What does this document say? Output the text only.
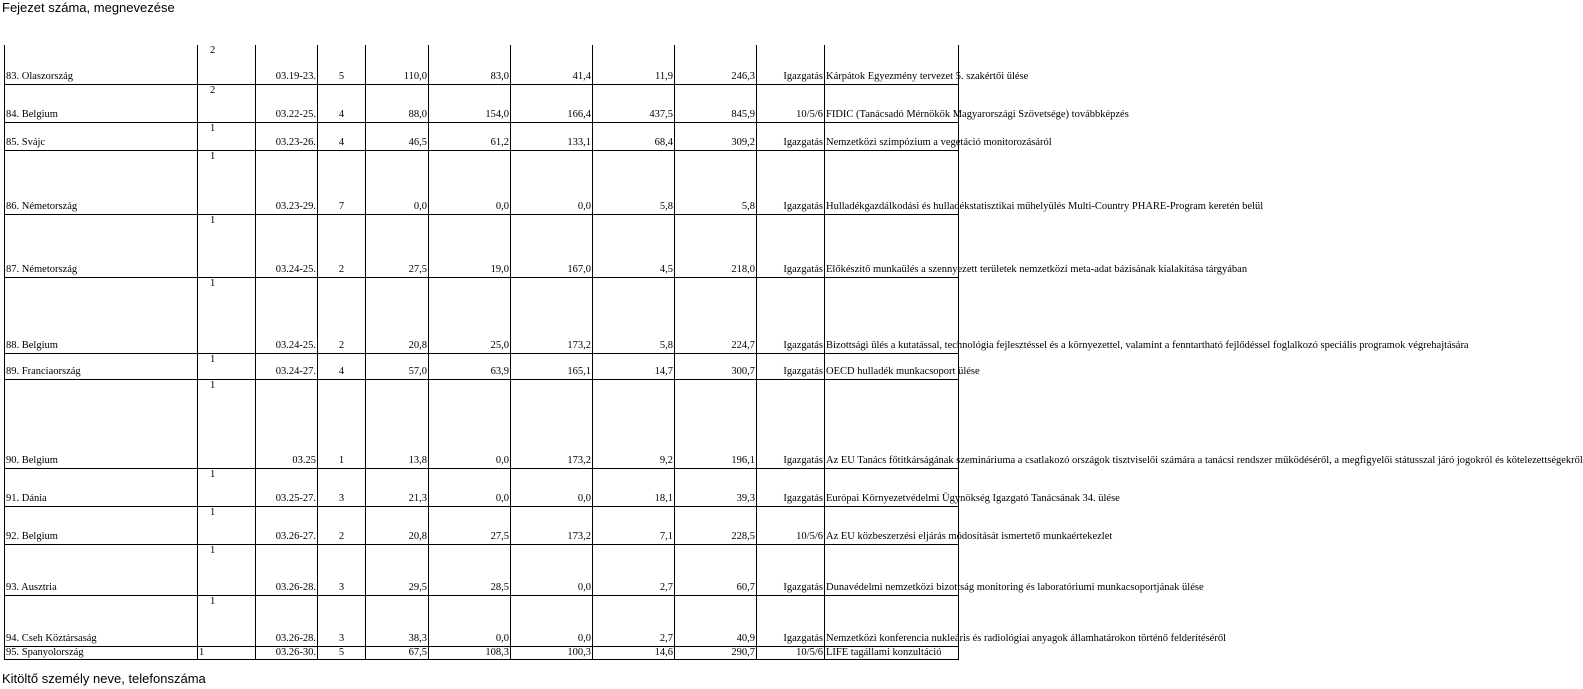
Fejezet száma, megnevezése
83. Olaszország	2	03.19-23.	5	110,0	83,0	41,4	11,9	246,3	Igazgatás	Kárpátok Egyezmény tervezet 5. szakértői ülése
84. Belgium	2	03.22-25.	4	88,0	154,0	166,4	437,5	845,9	10/5/6	FIDIC (Tanácsadó Mérnökök Magyarországi Szövetsége) továbbképzés
85. Svájc	1	03.23-26.	4	46,5	61,2	133,1	68,4	309,2	Igazgatás	Nemzetközi szimpózium a vegetáció monitorozásáról
86. Németország	1	03.23-29.	7	0,0	0,0	0,0	5,8	5,8	Igazgatás	Hulladékgazdálkodási és hulladékstatisztikai műhelyülés Multi-Country PHARE-Program keretén belül
87. Németország	1	03.24-25.	2	27,5	19,0	167,0	4,5	218,0	Igazgatás	Előkészítő munkaülés a szennyezett területek nemzetközi meta-adat bázisának kialakítása tárgyában
88. Belgium	1	03.24-25.	2	20,8	25,0	173,2	5,8	224,7	Igazgatás	Bizottsági ülés a kutatással, technológia fejlesztéssel és a környezettel, valamint a fenntartható fejlődéssel foglalkozó speciális programok végrehajtására
89. Franciaország	1	03.24-27.	4	57,0	63,9	165,1	14,7	300,7	Igazgatás	OECD hulladék munkacsoport ülése
90. Belgium	1	03.25	1	13,8	0,0	173,2	9,2	196,1	Igazgatás	Az EU Tanács főtitkárságának szemináriuma a csatlakozó országok tisztviselői számára a tanácsi rendszer működéséről, a megfigyelői státusszal járó jogokról és kötelezettségekről
91. Dánia	1	03.25-27.	3	21,3	0,0	0,0	18,1	39,3	Igazgatás	Európai Környezetvédelmi Ügynökség Igazgató Tanácsának 34. ülése
92. Belgium	1	03.26-27.	2	20,8	27,5	173,2	7,1	228,5	10/5/6	Az EU közbeszerzési eljárás módosítását ismertető munkaértekezlet
93. Ausztria	1	03.26-28.	3	29,5	28,5	0,0	2,7	60,7	Igazgatás	Dunavédelmi nemzetközi bizottság monitoring és laboratóriumi munkacsoportjának ülése
94. Cseh Köztársaság	1	03.26-28.	3	38,3	0,0	0,0	2,7	40,9	Igazgatás	Nemzetközi konferencia nukleáris és radiológiai anyagok államhatárokon történő felderítéséről
95. Spanyolország	1	03.26-30.	5	67,5	108,3	100,3	14,6	290,7	10/5/6	LIFE tagállami konzultáció
Kitöltő személy neve, telefonszáma
